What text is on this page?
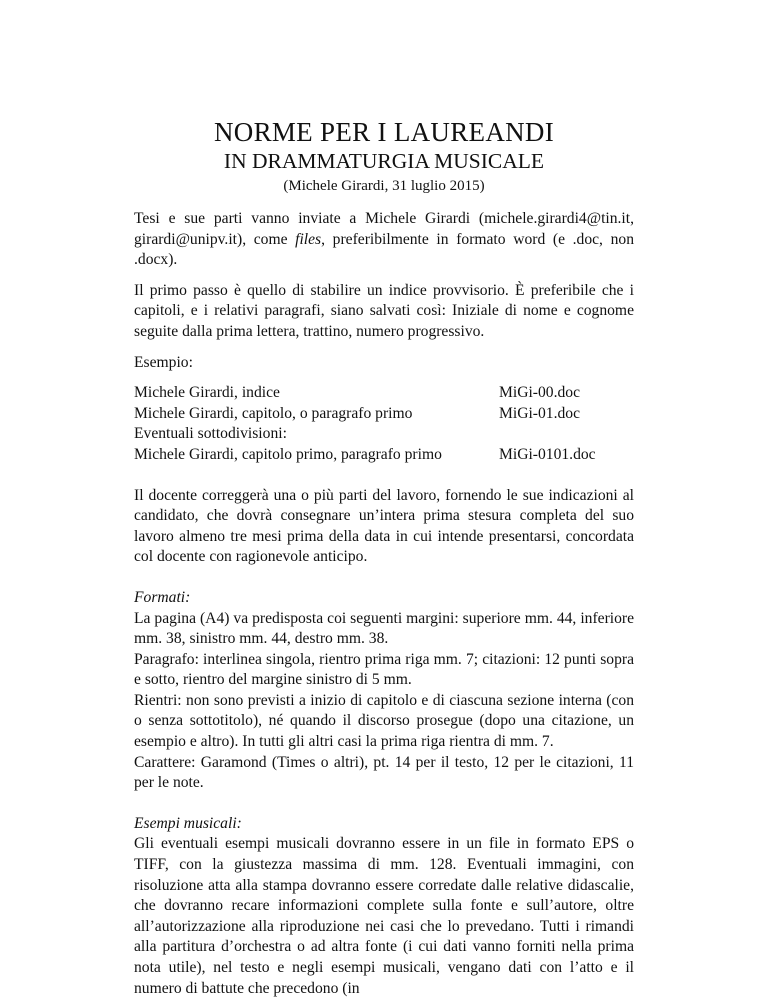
NORME PER I LAUREANDI
IN DRAMMATURGIA MUSICALE
(Michele Girardi, 31 luglio 2015)

Tesi e sue parti vanno inviate a Michele Girardi (michele.girardi4@tin.it, girardi@unipv.it), come files, preferibilmente in formato word (e .doc, non .docx).

Il primo passo è quello di stabilire un indice provvisorio. È preferibile che i capitoli, e i relativi paragrafi, siano salvati così: Iniziale di nome e cognome seguite dalla prima lettera, trattino, numero progressivo.

Esempio:

Michele Girardi, indice	MiGi-00.doc
Michele Girardi, capitolo, o paragrafo primo	MiGi-01.doc
Eventuali sottodivisioni:
Michele Girardi, capitolo primo, paragrafo primo	MiGi-0101.doc

Il docente correggerà una o più parti del lavoro, fornendo le sue indicazioni al candidato, che dovrà consegnare un’intera prima stesura completa del suo lavoro almeno tre mesi prima della data in cui intende presentarsi, concordata col docente con ragionevole anticipo.

Formati:

La pagina (A4) va predisposta coi seguenti margini: superiore mm. 44, inferiore mm. 38, sinistro mm. 44, destro mm. 38.
Paragrafo: interlinea singola, rientro prima riga mm. 7; citazioni: 12 punti sopra e sotto, rientro del margine sinistro di 5 mm.
Rientri: non sono previsti a inizio di capitolo e di ciascuna sezione interna (con o senza sottotitolo), né quando il discorso prosegue (dopo una citazione, un esempio e altro). In tutti gli altri casi la prima riga rientra di mm. 7.
Carattere: Garamond (Times o altri), pt. 14 per il testo, 12 per le citazioni, 11 per le note.

Esempi musicali:

Gli eventuali esempi musicali dovranno essere in un file in formato EPS o TIFF, con la giustezza massima di mm. 128. Eventuali immagini, con risoluzione atta alla stampa dovranno essere corredate dalle relative didascalie, che dovranno recare informazioni complete sulla fonte e sull’autore, oltre all’autorizzazione alla riproduzione nei casi che lo prevedano. Tutti i rimandi alla partitura d’orchestra o ad altra fonte (i cui dati vanno forniti nella prima nota utile), nel testo e negli esempi musicali, vengano dati con l’atto e il numero di battute che precedono (in
